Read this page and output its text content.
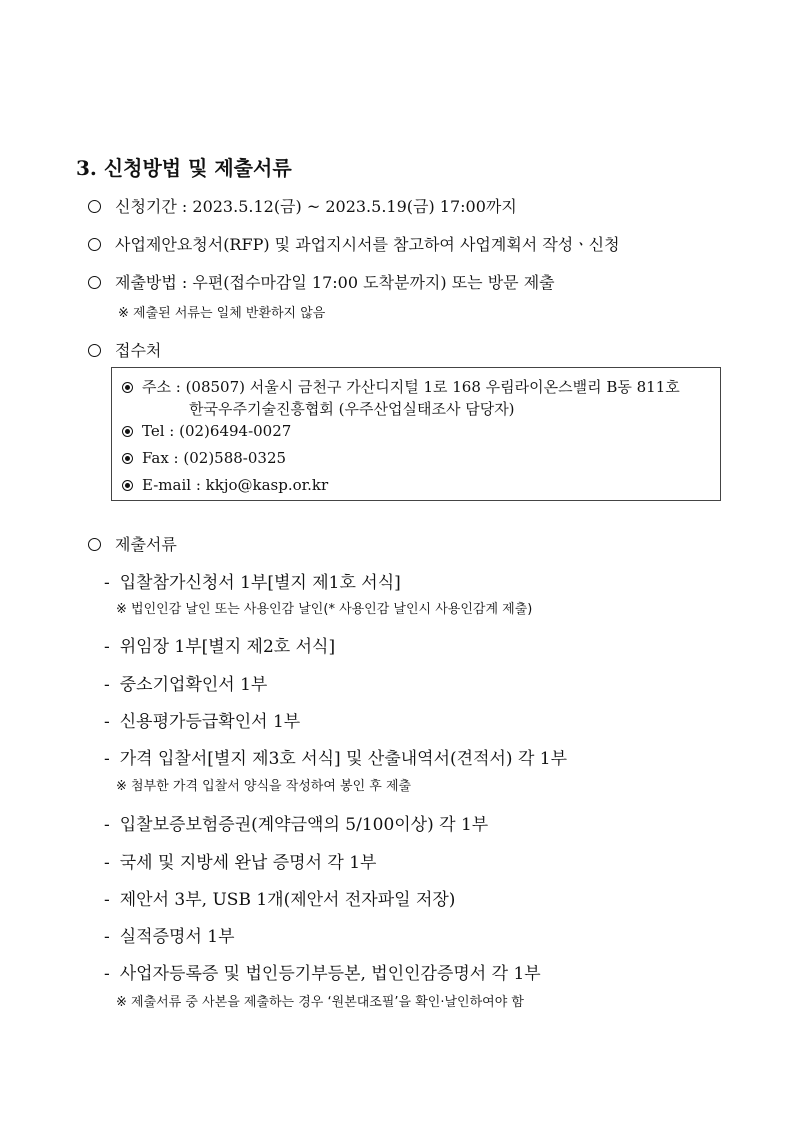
3. 신청방법 및 제출서류
신청기간 : 2023.5.12(금) ~ 2023.5.19(금) 17:00까지
사업제안요청서(RFP) 및 과업지시서를 참고하여 사업계획서 작성ㆍ신청
제출방법 : 우편(접수마감일 17:00 도착분까지) 또는 방문 제출
※ 제출된 서류는 일체 반환하지 않음
접수처
주소 : (08507) 서울시 금천구 가산디지털 1로 168 우림라이온스밸리 B동 811호
한국우주기술진흥협회 (우주산업실태조사 담당자)
Tel : (02)6494-0027
Fax : (02)588-0325
E-mail : kkjo@kasp.or.kr
제출서류
- 입찰참가신청서 1부[별지 제1호 서식]
※ 법인인감 날인 또는 사용인감 날인(* 사용인감 날인시 사용인감계 제출)
- 위임장 1부[별지 제2호 서식]
- 중소기업확인서 1부
- 신용평가등급확인서 1부
- 가격 입찰서[별지 제3호 서식] 및 산출내역서(견적서) 각 1부
※ 첨부한 가격 입찰서 양식을 작성하여 봉인 후 제출
- 입찰보증보험증권(계약금액의 5/100이상) 각 1부
- 국세 및 지방세 완납 증명서 각 1부
- 제안서 3부, USB 1개(제안서 전자파일 저장)
- 실적증명서 1부
- 사업자등록증 및 법인등기부등본, 법인인감증명서 각 1부
※ 제출서류 중 사본을 제출하는 경우 ‘원본대조필’을 확인·날인하여야 함
